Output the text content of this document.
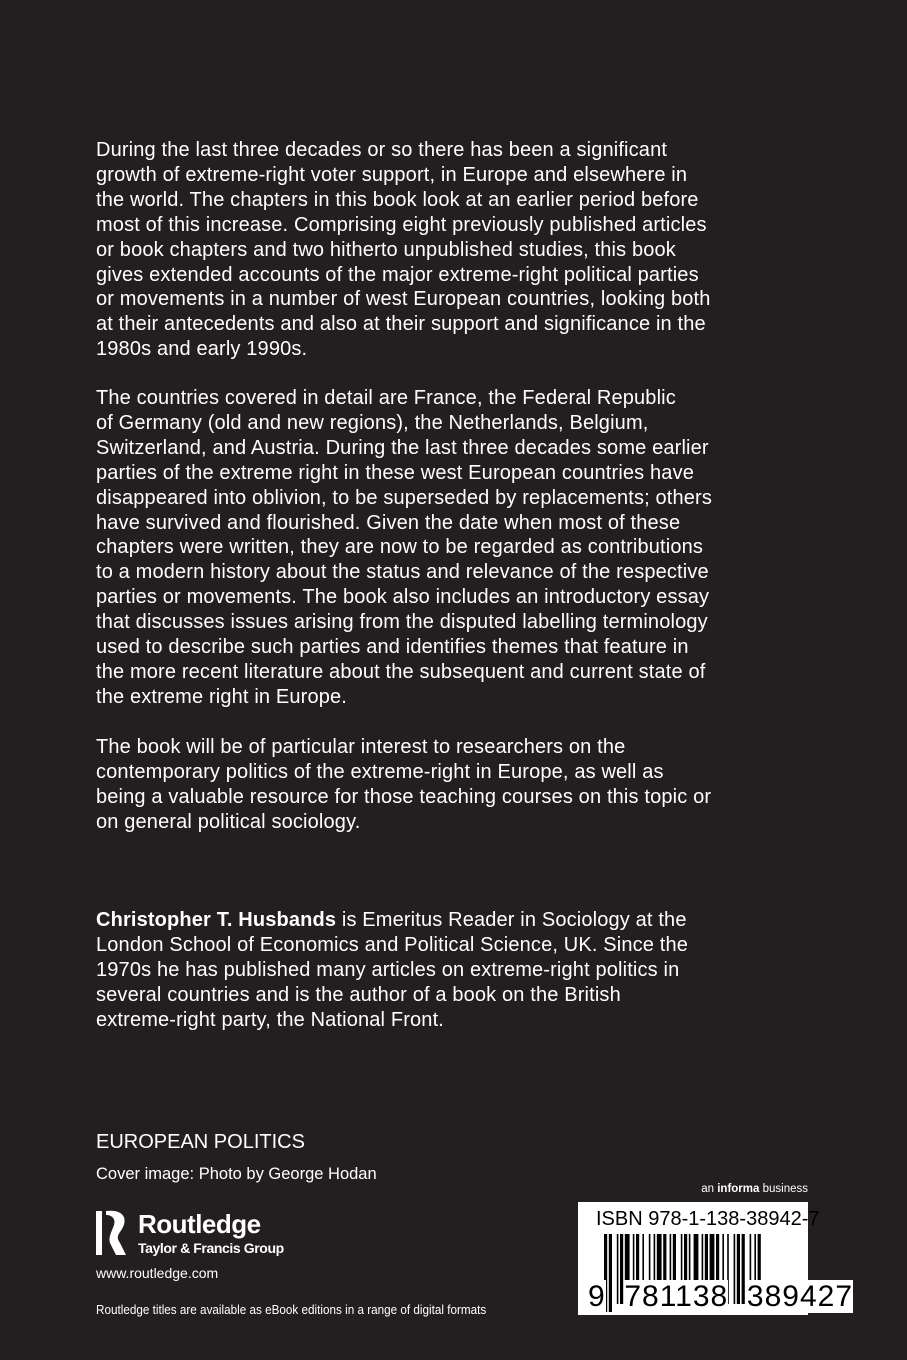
During the last three decades or so there has been a significant
growth of extreme-right voter support, in Europe and elsewhere in
the world. The chapters in this book look at an earlier period before
most of this increase. Comprising eight previously published articles
or book chapters and two hitherto unpublished studies, this book
gives extended accounts of the major extreme-right political parties
or movements in a number of west European countries, looking both
at their antecedents and also at their support and significance in the
1980s and early 1990s.
The countries covered in detail are France, the Federal Republic
of Germany (old and new regions), the Netherlands, Belgium,
Switzerland, and Austria. During the last three decades some earlier
parties of the extreme right in these west European countries have
disappeared into oblivion, to be superseded by replacements; others
have survived and flourished. Given the date when most of these
chapters were written, they are now to be regarded as contributions
to a modern history about the status and relevance of the respective
parties or movements. The book also includes an introductory essay
that discusses issues arising from the disputed labelling terminology
used to describe such parties and identifies themes that feature in
the more recent literature about the subsequent and current state of
the extreme right in Europe.
The book will be of particular interest to researchers on the
contemporary politics of the extreme-right in Europe, as well as
being a valuable resource for those teaching courses on this topic or
on general political sociology.
Christopher T. Husbands is Emeritus Reader in Sociology at the
London School of Economics and Political Science, UK. Since the
1970s he has published many articles on extreme-right politics in
several countries and is the author of a book on the British
extreme-right party, the National Front.
EUROPEAN POLITICS
Cover image: Photo by George Hodan
Routledge
Taylor & Francis Group
www.routledge.com
Routledge titles are available as eBook editions in a range of digital formats
an informa business
ISBN 978-1-138-38942-7
9 781138 389427
